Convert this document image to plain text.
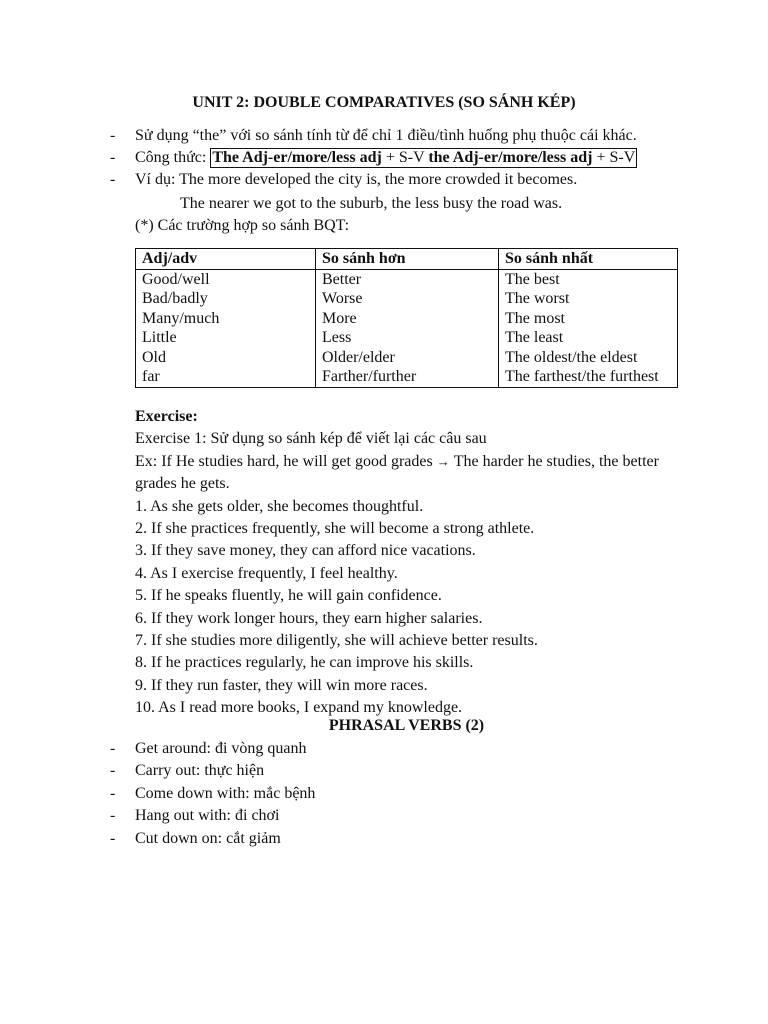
UNIT 2: DOUBLE COMPARATIVES (SO SÁNH KÉP)
- Sử dụng “the” với so sánh tính từ để chỉ 1 điều/tình huống phụ thuộc cái khác.
- Công thức: The Adj-er/more/less adj + S-V the Adj-er/more/less adj + S-V
- Ví dụ: The more developed the city is, the more crowded it becomes.
The nearer we got to the suburb, the less busy the road was.
(*) Các trường hợp so sánh BQT:
Adj/adv	So sánh hơn	So sánh nhất
Good/well	Better	The best
Bad/badly	Worse	The worst
Many/much	More	The most
Little	Less	The least
Old	Older/elder	The oldest/the eldest
far	Farther/further	The farthest/the furthest
Exercise:
Exercise 1: Sử dụng so sánh kép để viết lại các câu sau
Ex: If He studies hard, he will get good grades → The harder he studies, the better grades he gets.
1. As she gets older, she becomes thoughtful.
2. If she practices frequently, she will become a strong athlete.
3. If they save money, they can afford nice vacations.
4. As I exercise frequently, I feel healthy.
5. If he speaks fluently, he will gain confidence.
6. If they work longer hours, they earn higher salaries.
7. If she studies more diligently, she will achieve better results.
8. If he practices regularly, he can improve his skills.
9. If they run faster, they will win more races.
10. As I read more books, I expand my knowledge.
PHRASAL VERBS (2)
- Get around: đi vòng quanh
- Carry out: thực hiện
- Come down with: mắc bệnh
- Hang out with: đi chơi
- Cut down on: cắt giảm
